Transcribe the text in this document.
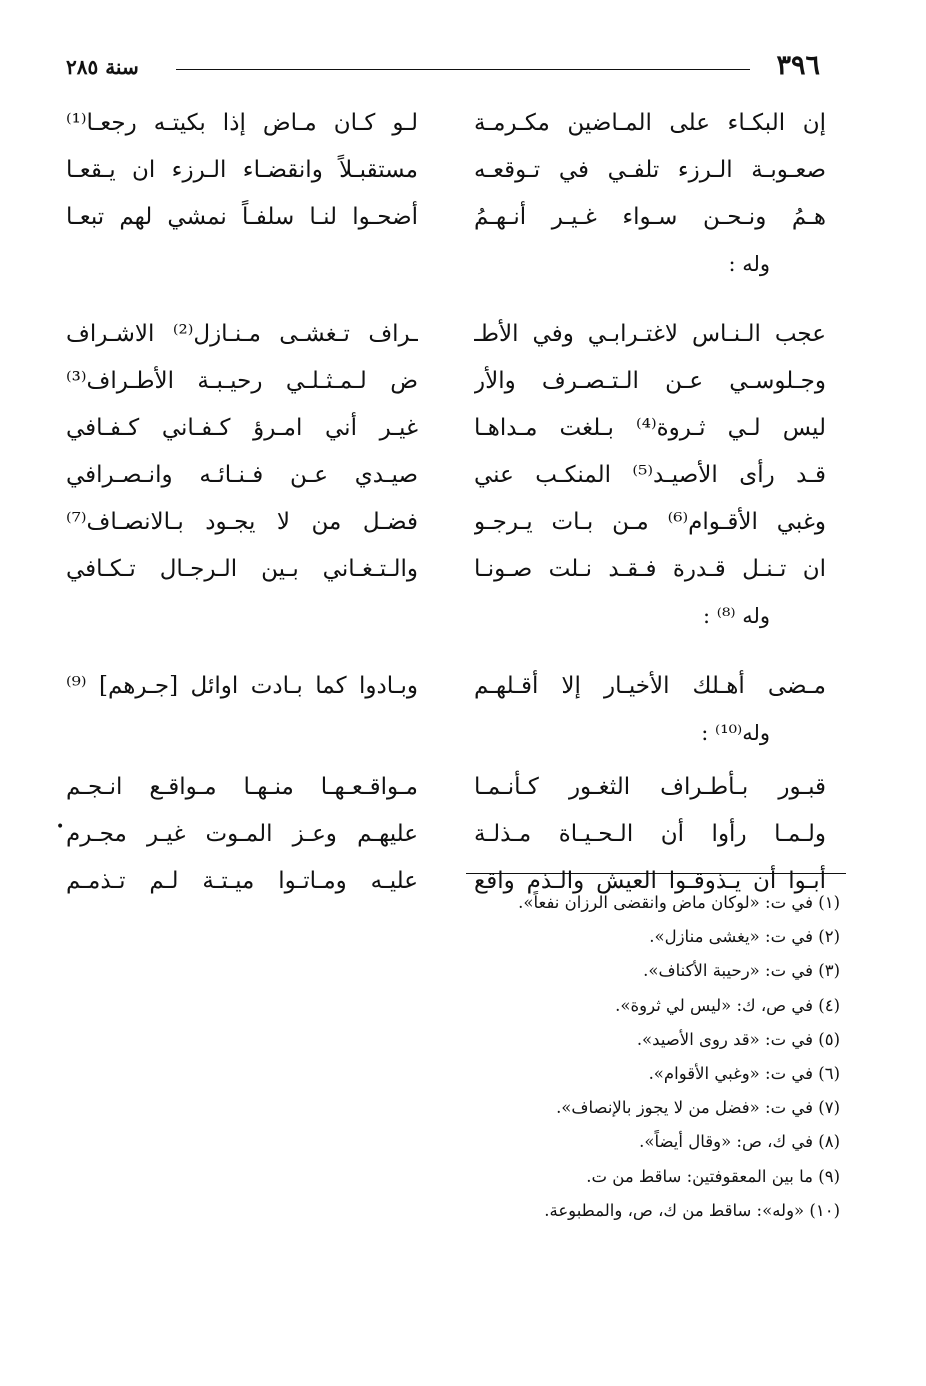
٣٩٦
سنة ٢٨٥
إن البكـاء على المـاضين مكـرمـة
لـو كـان مـاض إذا بكيتـه رجعـا⁽¹⁾
صعـوبـة الـرزء تلفـي في تـوقعـه
مستقبـلاً وانقضـاء الـرزء ان يـقعـا
هـمُ ونـحـن سـواء غـيـر أنـهـمُ
أضحـوا لنـا سلفـاً نمشي لهم تبعـا
وله :
عجب الـنـاس لاغتـرابـي وفي الأطـ
ـراف تـغشـى مـنـازل⁽²⁾ الاشـراف
وجـلوسـي عـن الـتـصـرف والأر
ض لـمـثـلـي رحيـبـة الأطـراف⁽³⁾
ليس لـي ثـروة⁽⁴⁾ بـلغت مـداهـا
غيـر أني امـرؤ كـفـاني كـفـافي
قـد رأى الأصيـد⁽⁵⁾ المنكـب عني
صيـدي عـن فـنـائـه وانـصـرافي
وغبي الأقـوام⁽⁶⁾ مـن بـات يـرجـو
فضـل من لا يجـود بـالانصـاف⁽⁷⁾
ان تـنـل قـدرة فـقـد نـلت صـونـا
والـتـغـاني بـين الـرجـال تـكـافي
وله ⁽⁸⁾ :
مـضى أهـلك الأخيـار إلا أقـلهـم
وبـادوا كما بـادت اوائل [جـرهم] ⁽⁹⁾
وله⁽¹⁰⁾ :
قبـور بـأطـراف الثغـور كـأنـمـا
مـواقـعـهـا منـهـا مـواقـع انـجـم
ولـمـا رأوا أن الـحـيـاة مـذلـة
عليهـم وعـز المـوت غيـر مجـرم
أبـوا أن يـذوقـوا العيش والـذم واقع
عليـه ومـاتـوا ميـتـة لـم تـذمـم
•
(١) في ت: «لوكان ماض وانقضى الرزان نفعاً».
(٢) في ت: «يغشى منازل».
(٣) في ت: «رحيبة الأكناف».
(٤) في ص، ك: «ليس لي ثروة».
(٥) في ت: «قد روى الأصيد».
(٦) في ت: «وغبي الأقوام».
(٧) في ت: «فضل من لا يجوز بالإنصاف».
(٨) في ك، ص: «وقال أيضاً».
(٩) ما بين المعقوفتين: ساقط من ت.
(١٠) «وله»: ساقط من ك، ص، والمطبوعة.
